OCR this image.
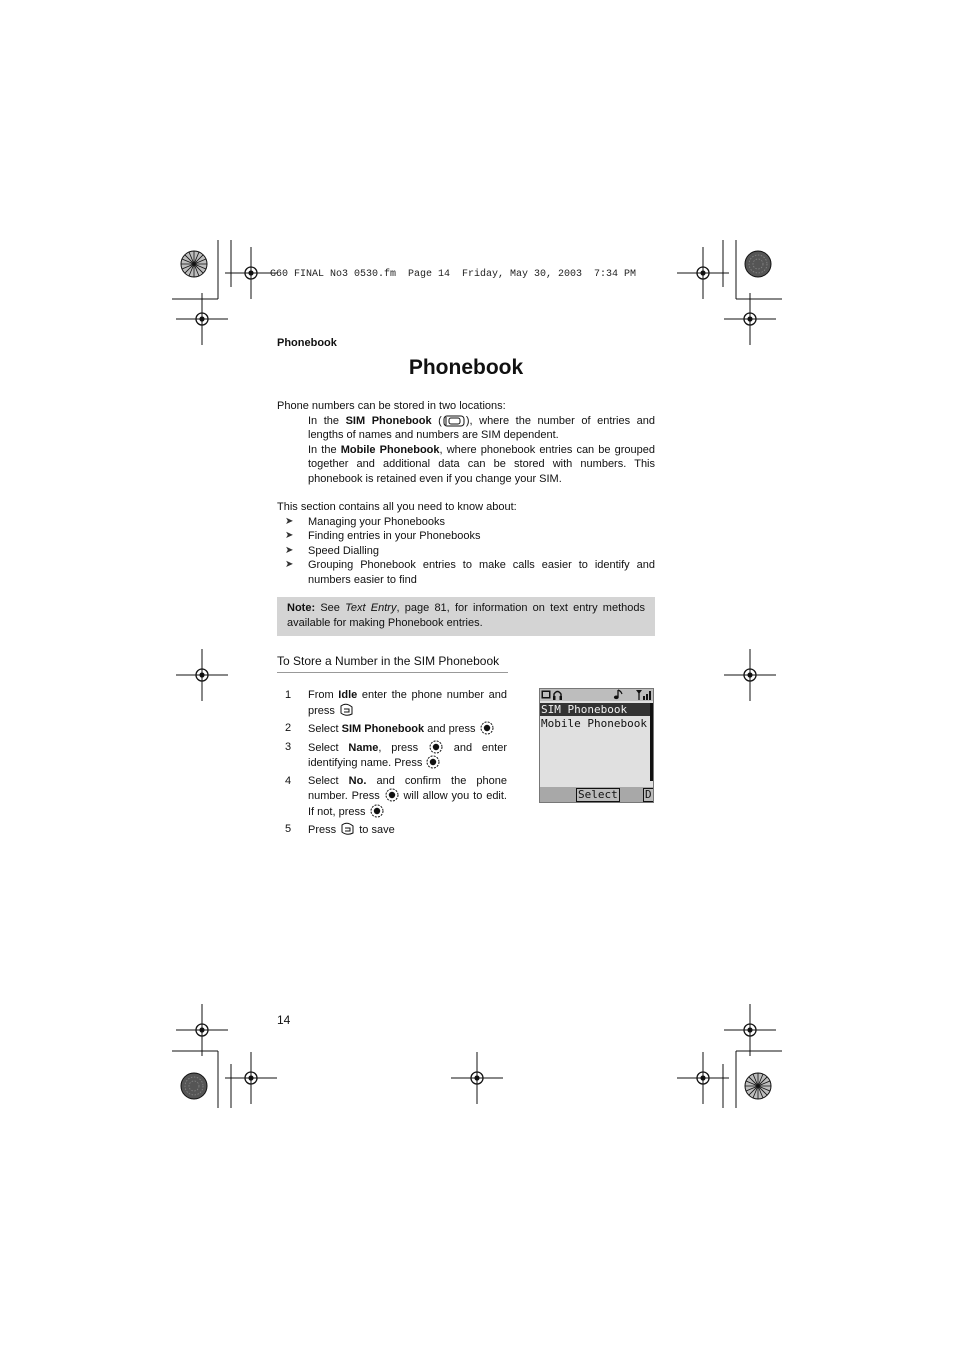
G60 FINAL No3 0530.fm  Page 14  Friday, May 30, 2003  7:34 PM
Phonebook
Phonebook
Phone numbers can be stored in two locations:
In the SIM Phonebook ( ), where the number of entries and lengths of names and numbers are SIM dependent.
In the Mobile Phonebook, where phonebook entries can be grouped together and additional data can be stored with numbers. This phonebook is retained even if you change your SIM.
This section contains all you need to know about:
➤ Managing your Phonebooks
➤ Finding entries in your Phonebooks
➤ Speed Dialling
➤ Grouping Phonebook entries to make calls easier to identify and numbers easier to find
Note: See Text Entry, page 81, for information on text entry methods available for making Phonebook entries.
To Store a Number in the SIM Phonebook
1 From Idle enter the phone number and press
2 Select SIM Phonebook and press
3 Select Name, press	and enter identifying name. Press
4 Select No. and confirm the phone number. Press will allow you to edit. If not, press
5 Press to save
SIM Phonebook
Mobile Phonebook
Select D
14
